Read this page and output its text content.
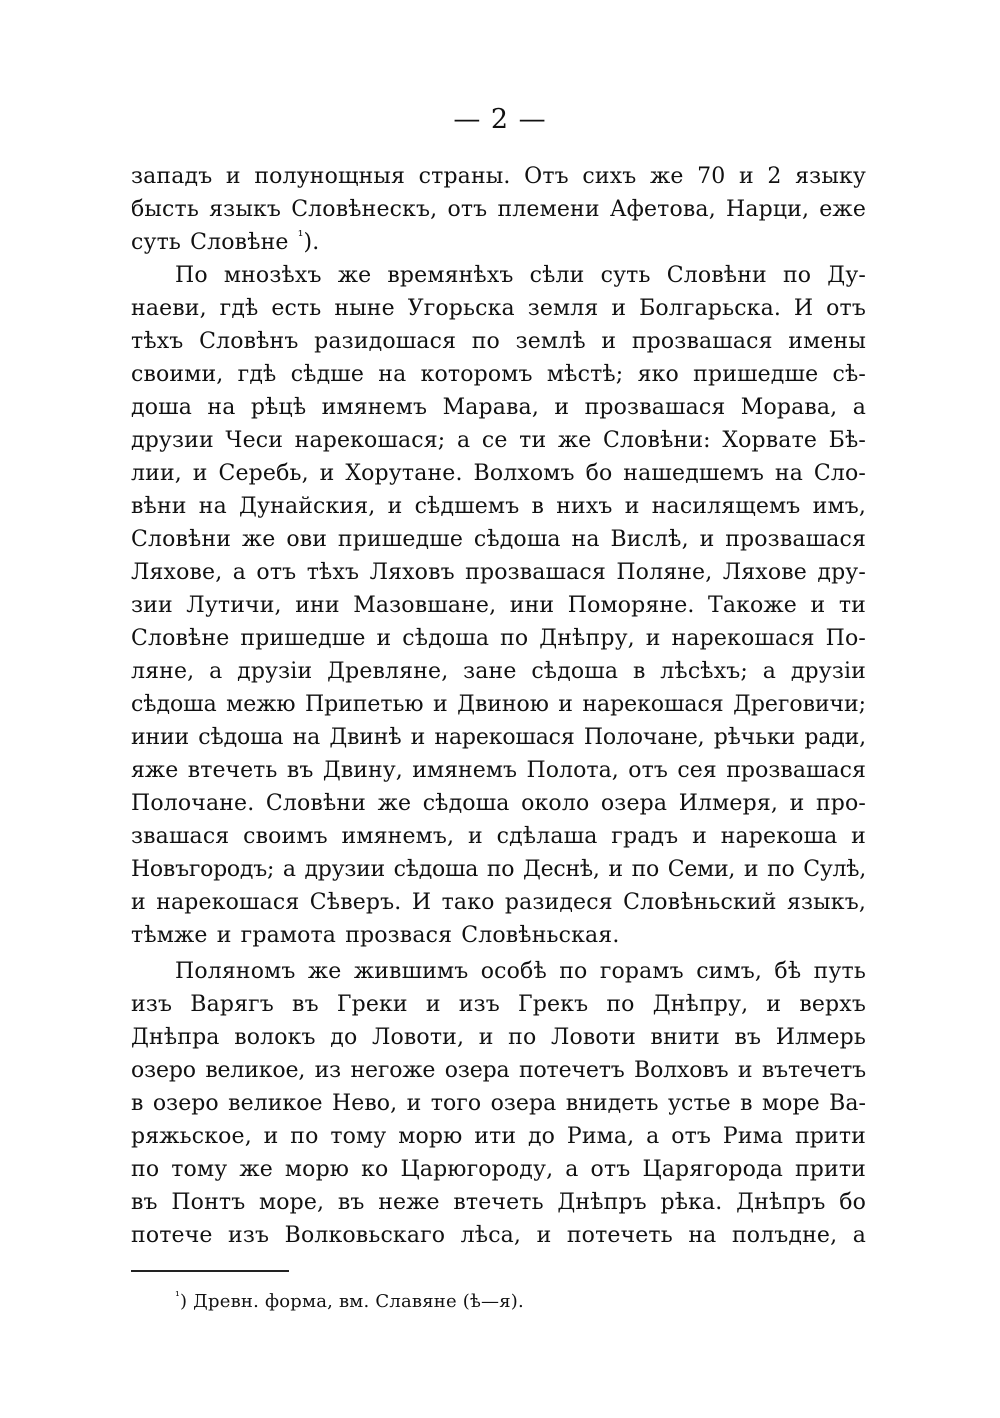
— 2 —

западъ и полунощныя страны. Отъ сихъ же 70 и 2 языку
бысть языкъ Словѣнескъ, отъ племени Афетова, Нарци, еже
суть Словѣне $^{^1}$).

По мнозѣхъ же времянѣхъ сѣли суть Словѣни по Ду-
наеви, гдѣ есть ныне Угорьска земля и Болгарьска. И отъ
тѣхъ Словѣнъ разидошася по землѣ и прозвашася имены
своими, гдѣ сѣдше на которомъ мѣстѣ; яко пришедше сѣ-
доша на рѣцѣ имянемъ Марава, и прозвашася Морава, а
друзии Чеси нарекошася; а се ти же Словѣни: Хорвате Бѣ-
лии, и Серебь, и Хорутане. Волхомъ бо нашедшемъ на Сло-
вѣни на Дунайския, и сѣдшемъ в нихъ и насилящемъ имъ,
Словѣни же ови пришедше сѣдоша на Вислѣ, и прозвашася
Ляхове, а отъ тѣхъ Ляховъ прозвашася Поляне, Ляхове дру-
зии Лутичи, ини Мазовшане, ини Поморяне. Такоже и ти
Словѣне пришедше и сѣдоша по Днѣпру, и нарекошася По-
ляне, а друзіи Древляне, зане сѣдоша в лѣсѣхъ; а друзіи
сѣдоша межю Припетью и Двиною и нарекошася Дреговичи;
инии сѣдоша на Двинѣ и нарекошася Полочане, рѣчьки ради,
яже втечеть въ Двину, имянемъ Полота, отъ сея прозвашася
Полочане. Словѣни же сѣдоша около озера Илмеря, и про-
звашася своимъ имянемъ, и сдѣлаша градъ и нарекоша и
Новъгородъ; а друзии сѣдоша по Деснѣ, и по Семи, и по Сулѣ,
и нарекошася Сѣверъ. И тако разидеся Словѣньский языкъ,
тѣмже и грамота прозвася Словѣньская.

Поляномъ же жившимъ особѣ по горамъ симъ, бѣ путь
изъ Варягъ въ Греки и изъ Грекъ по Днѣпру, и верхъ
Днѣпра волокъ до Ловоти, и по Ловоти внити въ Илмерь
озеро великое, из негоже озера потечетъ Волховъ и вътечетъ
в озеро великое Нево, и того озера внидеть устье в море Ва-
ряжьское, и по тому морю ити до Рима, а отъ Рима прити
по тому же морю ко Царюгороду, а отъ Царягорода прити
въ Понтъ море, въ неже втечеть Днѣпръ рѣка. Днѣпръ бо
потече изъ Волковьскаго лѣса, и потечеть на полъдне, а

$^{^1}$) Древн. форма, вм. Славяне (ѣ—я).
